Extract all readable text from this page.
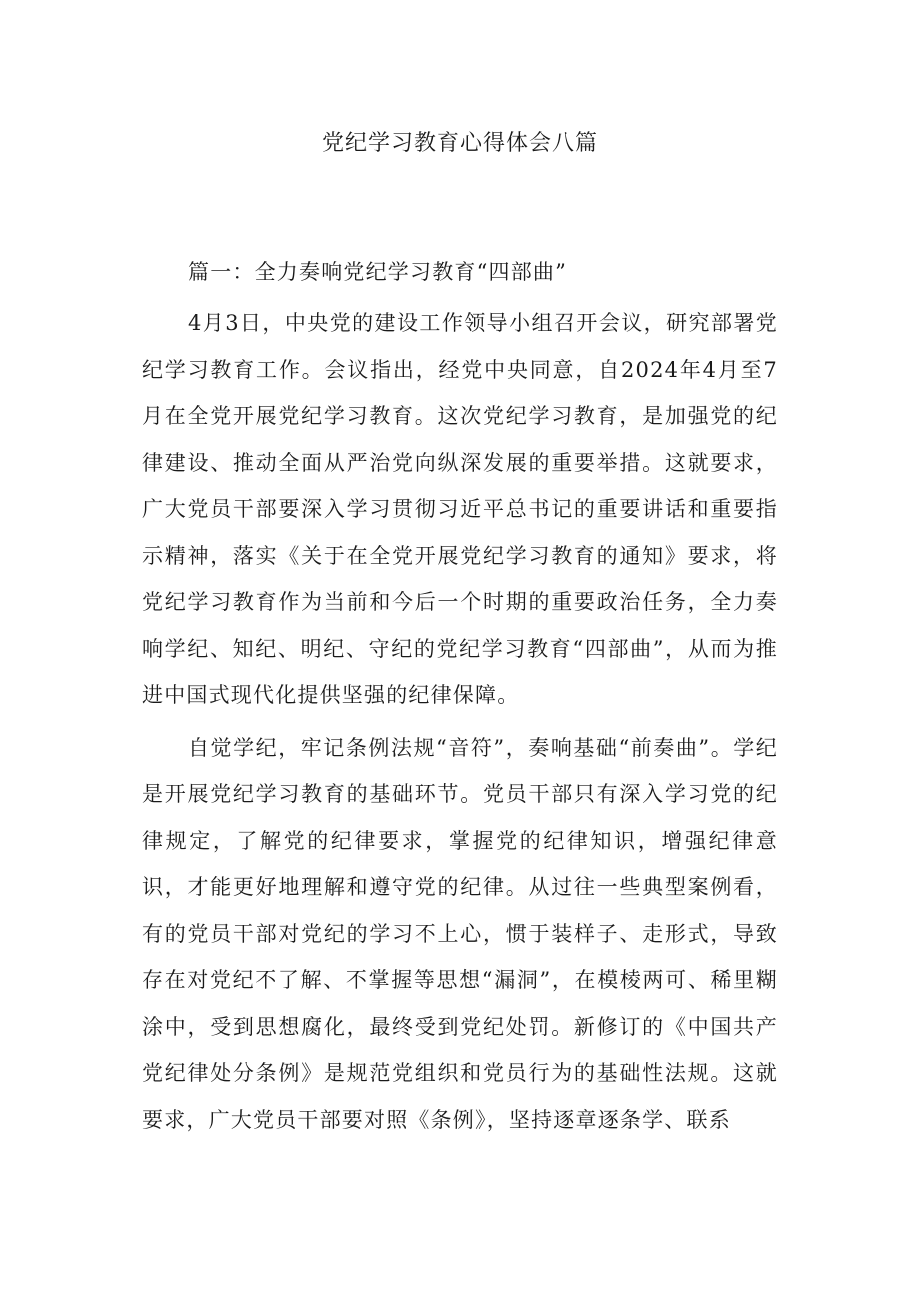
党纪学习教育心得体会八篇

篇一：全力奏响党纪学习教育“四部曲”

4月3日，中央党的建设工作领导小组召开会议，研究部署党纪学习教育工作。会议指出，经党中央同意，自2024年4月至7月在全党开展党纪学习教育。这次党纪学习教育，是加强党的纪律建设、推动全面从严治党向纵深发展的重要举措。这就要求，广大党员干部要深入学习贯彻习近平总书记的重要讲话和重要指示精神，落实《关于在全党开展党纪学习教育的通知》要求，将党纪学习教育作为当前和今后一个时期的重要政治任务，全力奏响学纪、知纪、明纪、守纪的党纪学习教育“四部曲”，从而为推进中国式现代化提供坚强的纪律保障。

自觉学纪，牢记条例法规“音符”，奏响基础“前奏曲”。学纪是开展党纪学习教育的基础环节。党员干部只有深入学习党的纪律规定，了解党的纪律要求，掌握党的纪律知识，增强纪律意识，才能更好地理解和遵守党的纪律。从过往一些典型案例看，有的党员干部对党纪的学习不上心，惯于装样子、走形式，导致存在对党纪不了解、不掌握等思想“漏洞”，在模棱两可、稀里糊涂中，受到思想腐化，最终受到党纪处罚。新修订的《中国共产党纪律处分条例》是规范党组织和党员行为的基础性法规。这就要求，广大党员干部要对照《条例》，坚持逐章逐条学、联系
